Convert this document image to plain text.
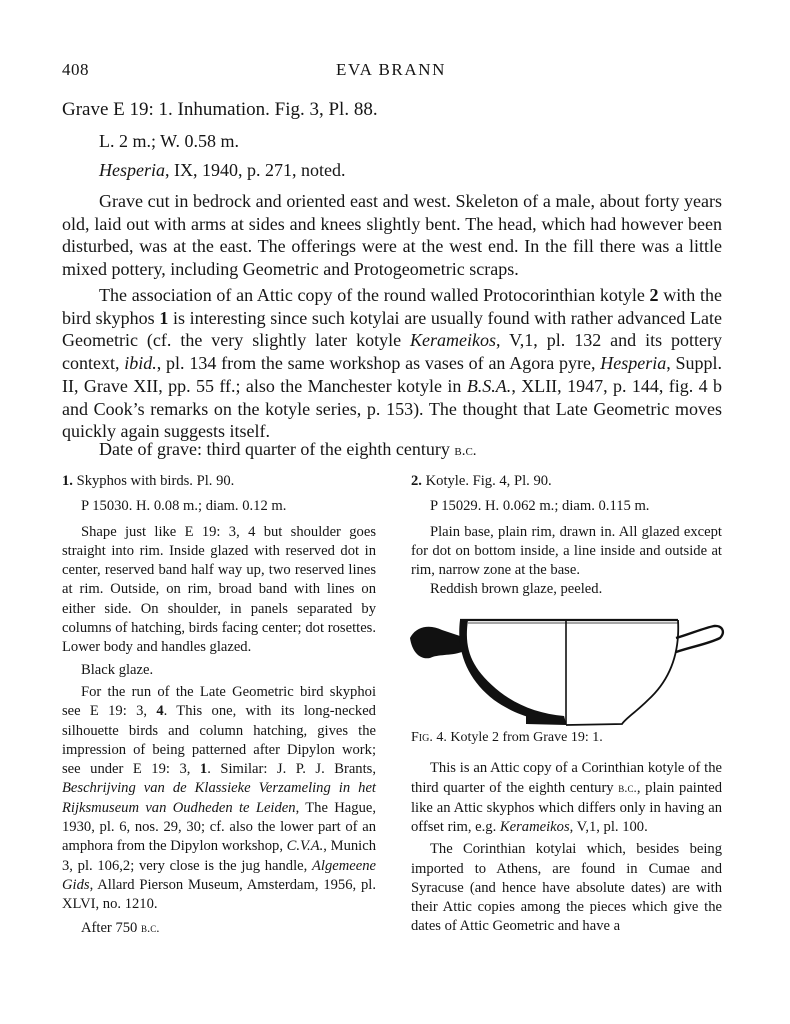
408	EVA BRANN
Grave E 19: 1. Inhumation. Fig. 3, Pl. 88.
L. 2 m.; W. 0.58 m.
Hesperia, IX, 1940, p. 271, noted.

Grave cut in bedrock and oriented east and west. Skeleton of a male, about forty years old, laid out with arms at sides and knees slightly bent. The head, which had however been disturbed, was at the east. The offerings were at the west end. In the fill there was a little mixed pottery, including Geometric and Protogeometric scraps.

The association of an Attic copy of the round walled Protocorinthian kotyle 2 with the bird skyphos 1 is interesting since such kotylai are usually found with rather advanced Late Geometric (cf. the very slightly later kotyle Kerameikos, V,1, pl. 132 and its pottery context, ibid., pl. 134 from the same workshop as vases of an Agora pyre, Hesperia, Suppl. II, Grave XII, pp. 55 ff.; also the Manchester kotyle in B.S.A., XLII, 1947, p. 144, fig. 4 b and Cook’s remarks on the kotyle series, p. 153). The thought that Late Geometric moves quickly again suggests itself.

Date of grave: third quarter of the eighth century b.c.

1. Skyphos with birds. Pl. 90.

P 15030. H. 0.08 m.; diam. 0.12 m.

Shape just like E 19: 3, 4 but shoulder goes straight into rim. Inside glazed with reserved dot in center, reserved band half way up, two reserved lines at rim. Outside, on rim, broad band with lines on either side. On shoulder, in panels separated by columns of hatching, birds facing center; dot rosettes. Lower body and handles glazed.

Black glaze.

For the run of the Late Geometric bird skyphoi see E 19: 3, 4. This one, with its long-necked silhouette birds and column hatching, gives the impression of being patterned after Dipylon work; see under E 19: 3, 1. Similar: J. P. J. Brants, Beschrijving van de Klassieke Verzameling in het Rijksmuseum van Oudheden te Leiden, The Hague, 1930, pl. 6, nos. 29, 30; cf. also the lower part of an amphora from the Dipylon workshop, C.V.A., Munich 3, pl. 106,2; very close is the jug handle, Algemeene Gids, Allard Pierson Museum, Amsterdam, 1956, pl. XLVI, no. 1210.

After 750 b.c.

2. Kotyle. Fig. 4, Pl. 90.

P 15029. H. 0.062 m.; diam. 0.115 m.

Plain base, plain rim, drawn in. All glazed except for dot on bottom inside, a line inside and outside at rim, narrow zone at the base.

Reddish brown glaze, peeled.

Fig. 4. Kotyle 2 from Grave 19: 1.

This is an Attic copy of a Corinthian kotyle of the third quarter of the eighth century b.c., plain painted like an Attic skyphos which differs only in having an offset rim, e.g. Kerameikos, V,1, pl. 100.

The Corinthian kotylai which, besides being imported to Athens, are found in Cumae and Syracuse (and hence have absolute dates) are with their Attic copies among the pieces which give the dates of Attic Geometric and have a
